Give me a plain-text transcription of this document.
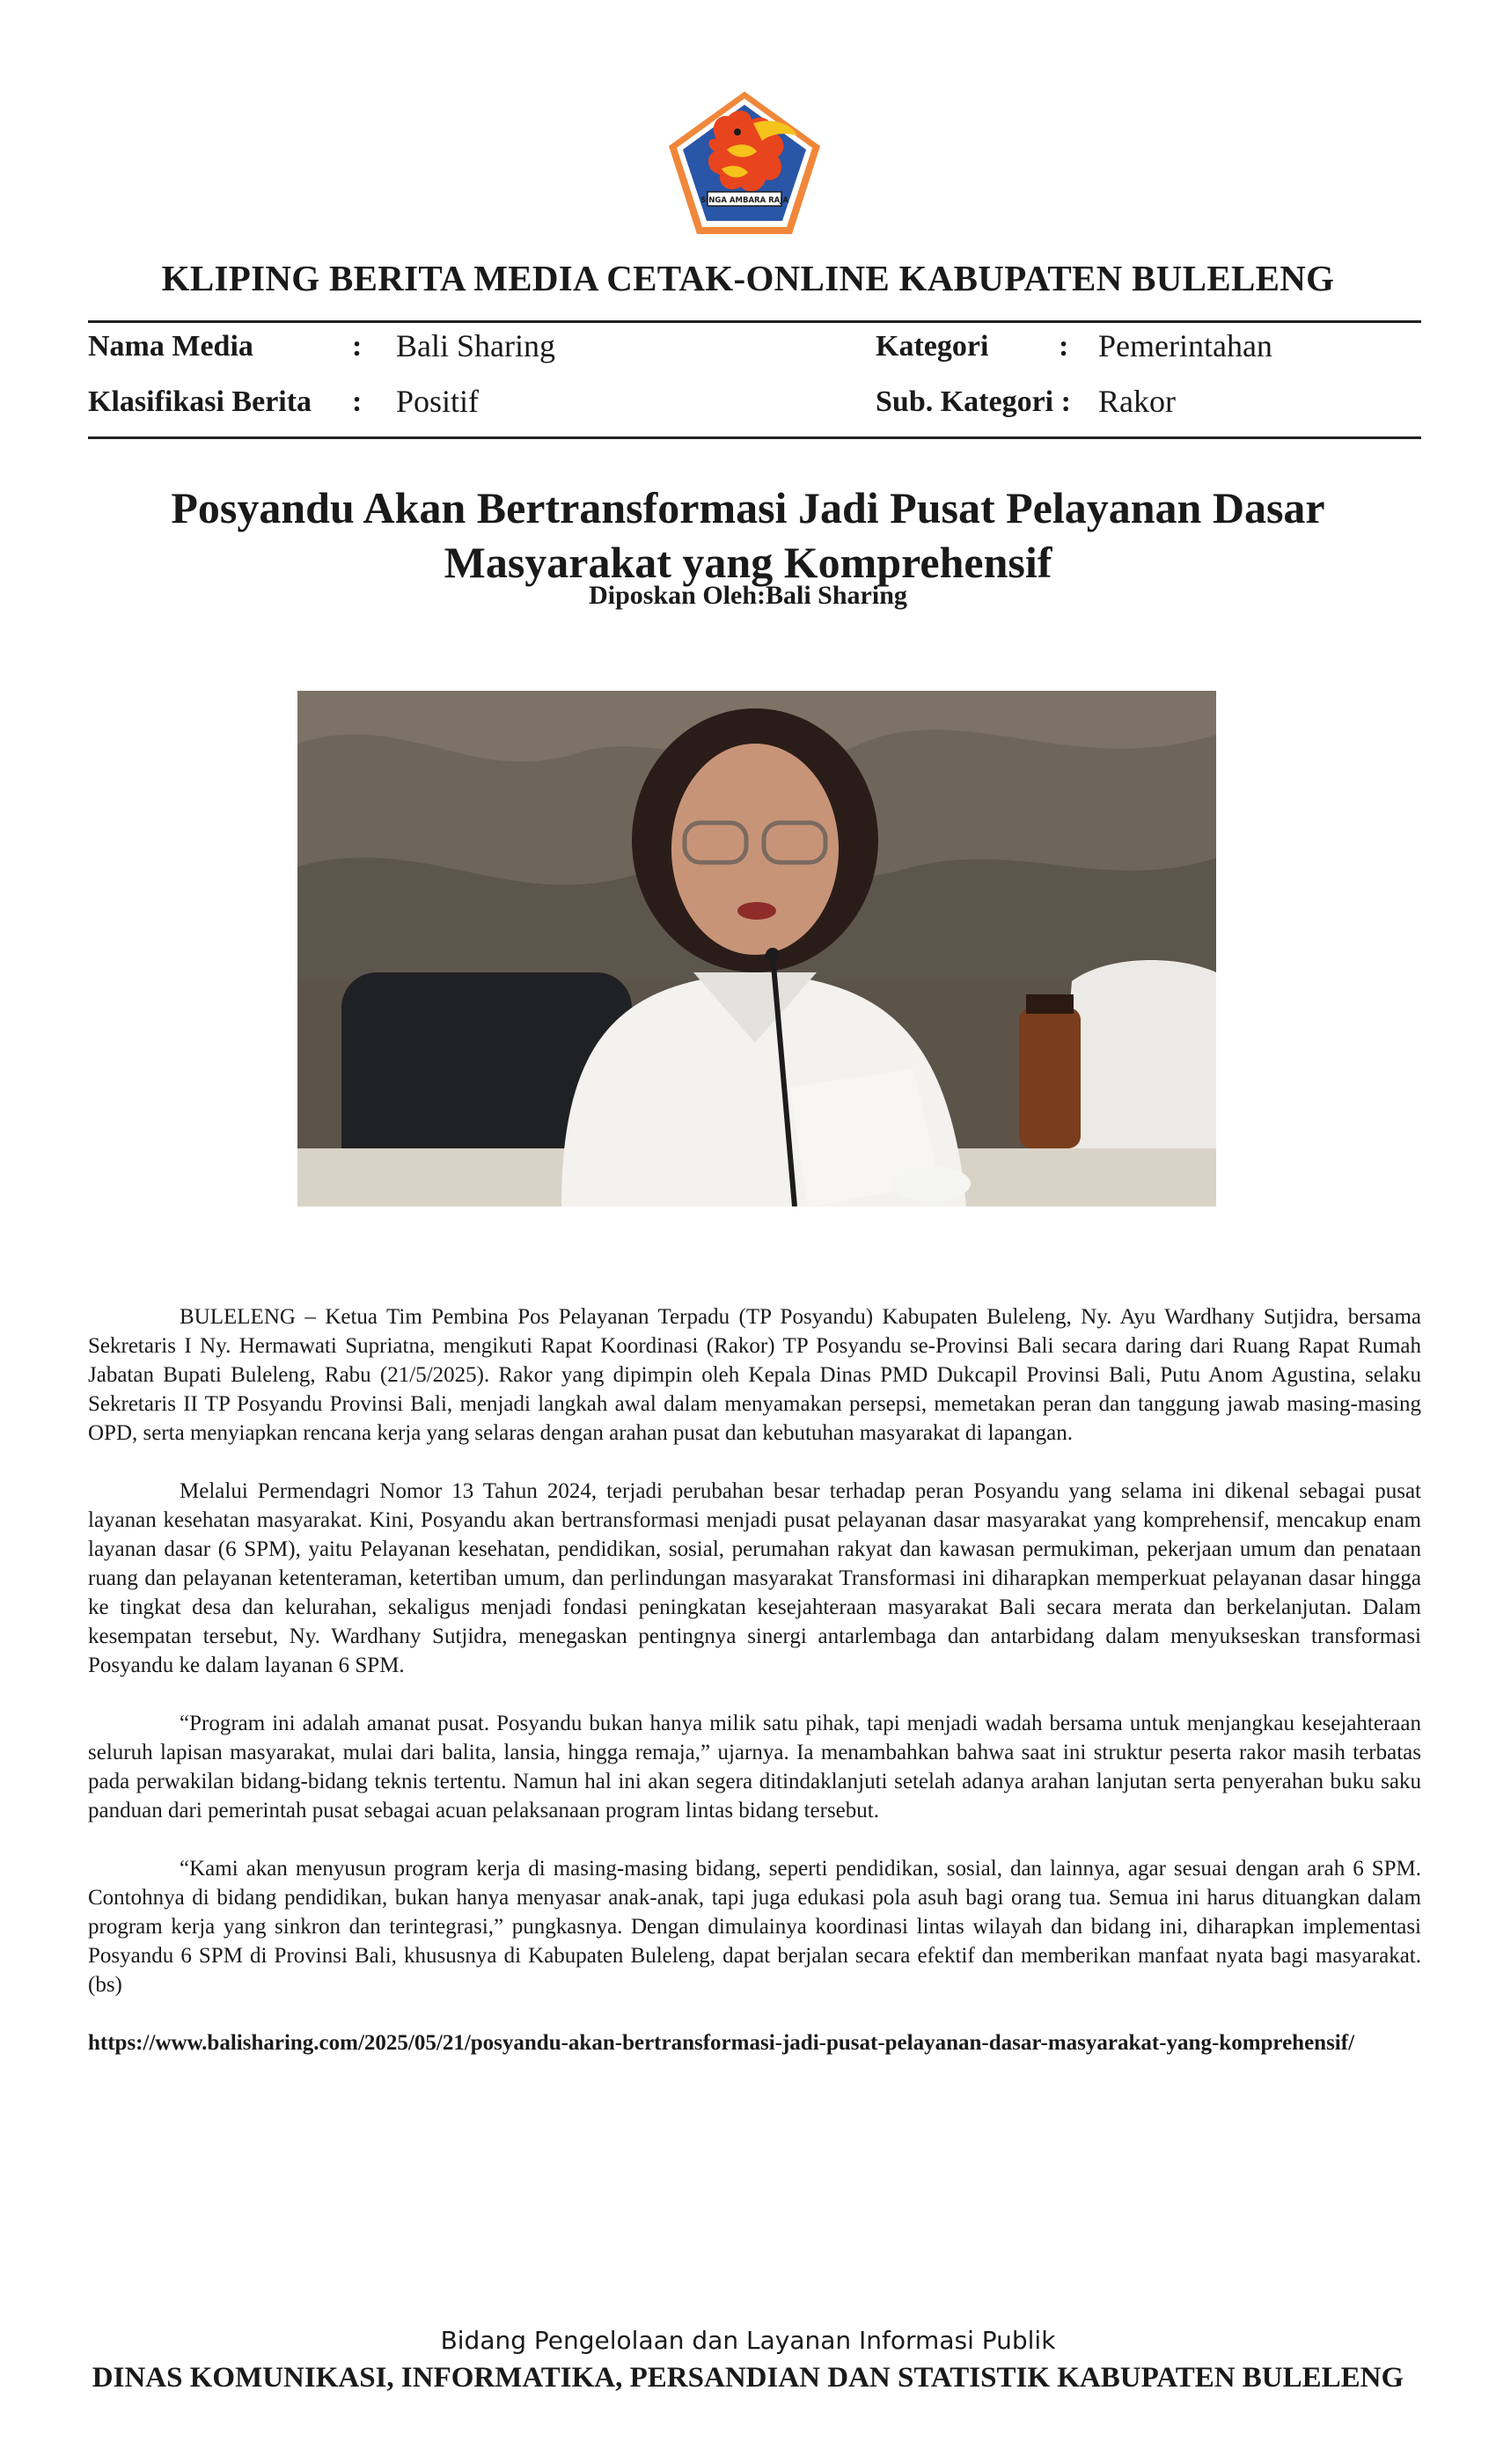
SINGA AMBARA RAJA
KLIPING BERITA MEDIA CETAK-ONLINE KABUPATEN BULELENG
Nama Media	: Bali Sharing
Klasifikasi Berita : Positif
Kategori : Pemerintahan
Sub. Kategori : Rakor
Posyandu Akan Bertransformasi Jadi Pusat Pelayanan Dasar
Masyarakat yang Komprehensif
Diposkan Oleh:Bali Sharing

BULELENG – Ketua Tim Pembina Pos Pelayanan Terpadu (TP Posyandu) Kabupaten Buleleng, Ny. Ayu Wardhany Sutjidra, bersama Sekretaris I Ny. Hermawati Supriatna, mengikuti Rapat Koordinasi (Rakor) TP Posyandu se-Provinsi Bali secara daring dari Ruang Rapat Rumah Jabatan Bupati Buleleng, Rabu (21/5/2025). Rakor yang dipimpin oleh Kepala Dinas PMD Dukcapil Provinsi Bali, Putu Anom Agustina, selaku Sekretaris II TP Posyandu Provinsi Bali, menjadi langkah awal dalam menyamakan persepsi, memetakan peran dan tanggung jawab masing-masing OPD, serta menyiapkan rencana kerja yang selaras dengan arahan pusat dan kebutuhan masyarakat di lapangan.

Melalui Permendagri Nomor 13 Tahun 2024, terjadi perubahan besar terhadap peran Posyandu yang selama ini dikenal sebagai pusat layanan kesehatan masyarakat. Kini, Posyandu akan bertransformasi menjadi pusat pelayanan dasar masyarakat yang komprehensif, mencakup enam layanan dasar (6 SPM), yaitu Pelayanan kesehatan, pendidikan, sosial, perumahan rakyat dan kawasan permukiman, pekerjaan umum dan penataan ruang dan pelayanan ketenteraman, ketertiban umum, dan perlindungan masyarakat Transformasi ini diharapkan memperkuat pelayanan dasar hingga ke tingkat desa dan kelurahan, sekaligus menjadi fondasi peningkatan kesejahteraan masyarakat Bali secara merata dan berkelanjutan. Dalam kesempatan tersebut, Ny. Wardhany Sutjidra, menegaskan pentingnya sinergi antarlembaga dan antarbidang dalam menyukseskan transformasi Posyandu ke dalam layanan 6 SPM.

“Program ini adalah amanat pusat. Posyandu bukan hanya milik satu pihak, tapi menjadi wadah bersama untuk menjangkau kesejahteraan seluruh lapisan masyarakat, mulai dari balita, lansia, hingga remaja,” ujarnya. Ia menambahkan bahwa saat ini struktur peserta rakor masih terbatas pada perwakilan bidang-bidang teknis tertentu. Namun hal ini akan segera ditindaklanjuti setelah adanya arahan lanjutan serta penyerahan buku saku panduan dari pemerintah pusat sebagai acuan pelaksanaan program lintas bidang tersebut.

“Kami akan menyusun program kerja di masing-masing bidang, seperti pendidikan, sosial, dan lainnya, agar sesuai dengan arah 6 SPM. Contohnya di bidang pendidikan, bukan hanya menyasar anak-anak, tapi juga edukasi pola asuh bagi orang tua. Semua ini harus dituangkan dalam program kerja yang sinkron dan terintegrasi,” pungkasnya. Dengan dimulainya koordinasi lintas wilayah dan bidang ini, diharapkan implementasi Posyandu 6 SPM di Provinsi Bali, khususnya di Kabupaten Buleleng, dapat berjalan secara efektif dan memberikan manfaat nyata bagi masyarakat. (bs)

https://www.balisharing.com/2025/05/21/posyandu-akan-bertransformasi-jadi-pusat-pelayanan-dasar-masyarakat-yang-komprehensif/

Bidang Pengelolaan dan Layanan Informasi Publik
DINAS KOMUNIKASI, INFORMATIKA, PERSANDIAN DAN STATISTIK KABUPATEN BULELENG
